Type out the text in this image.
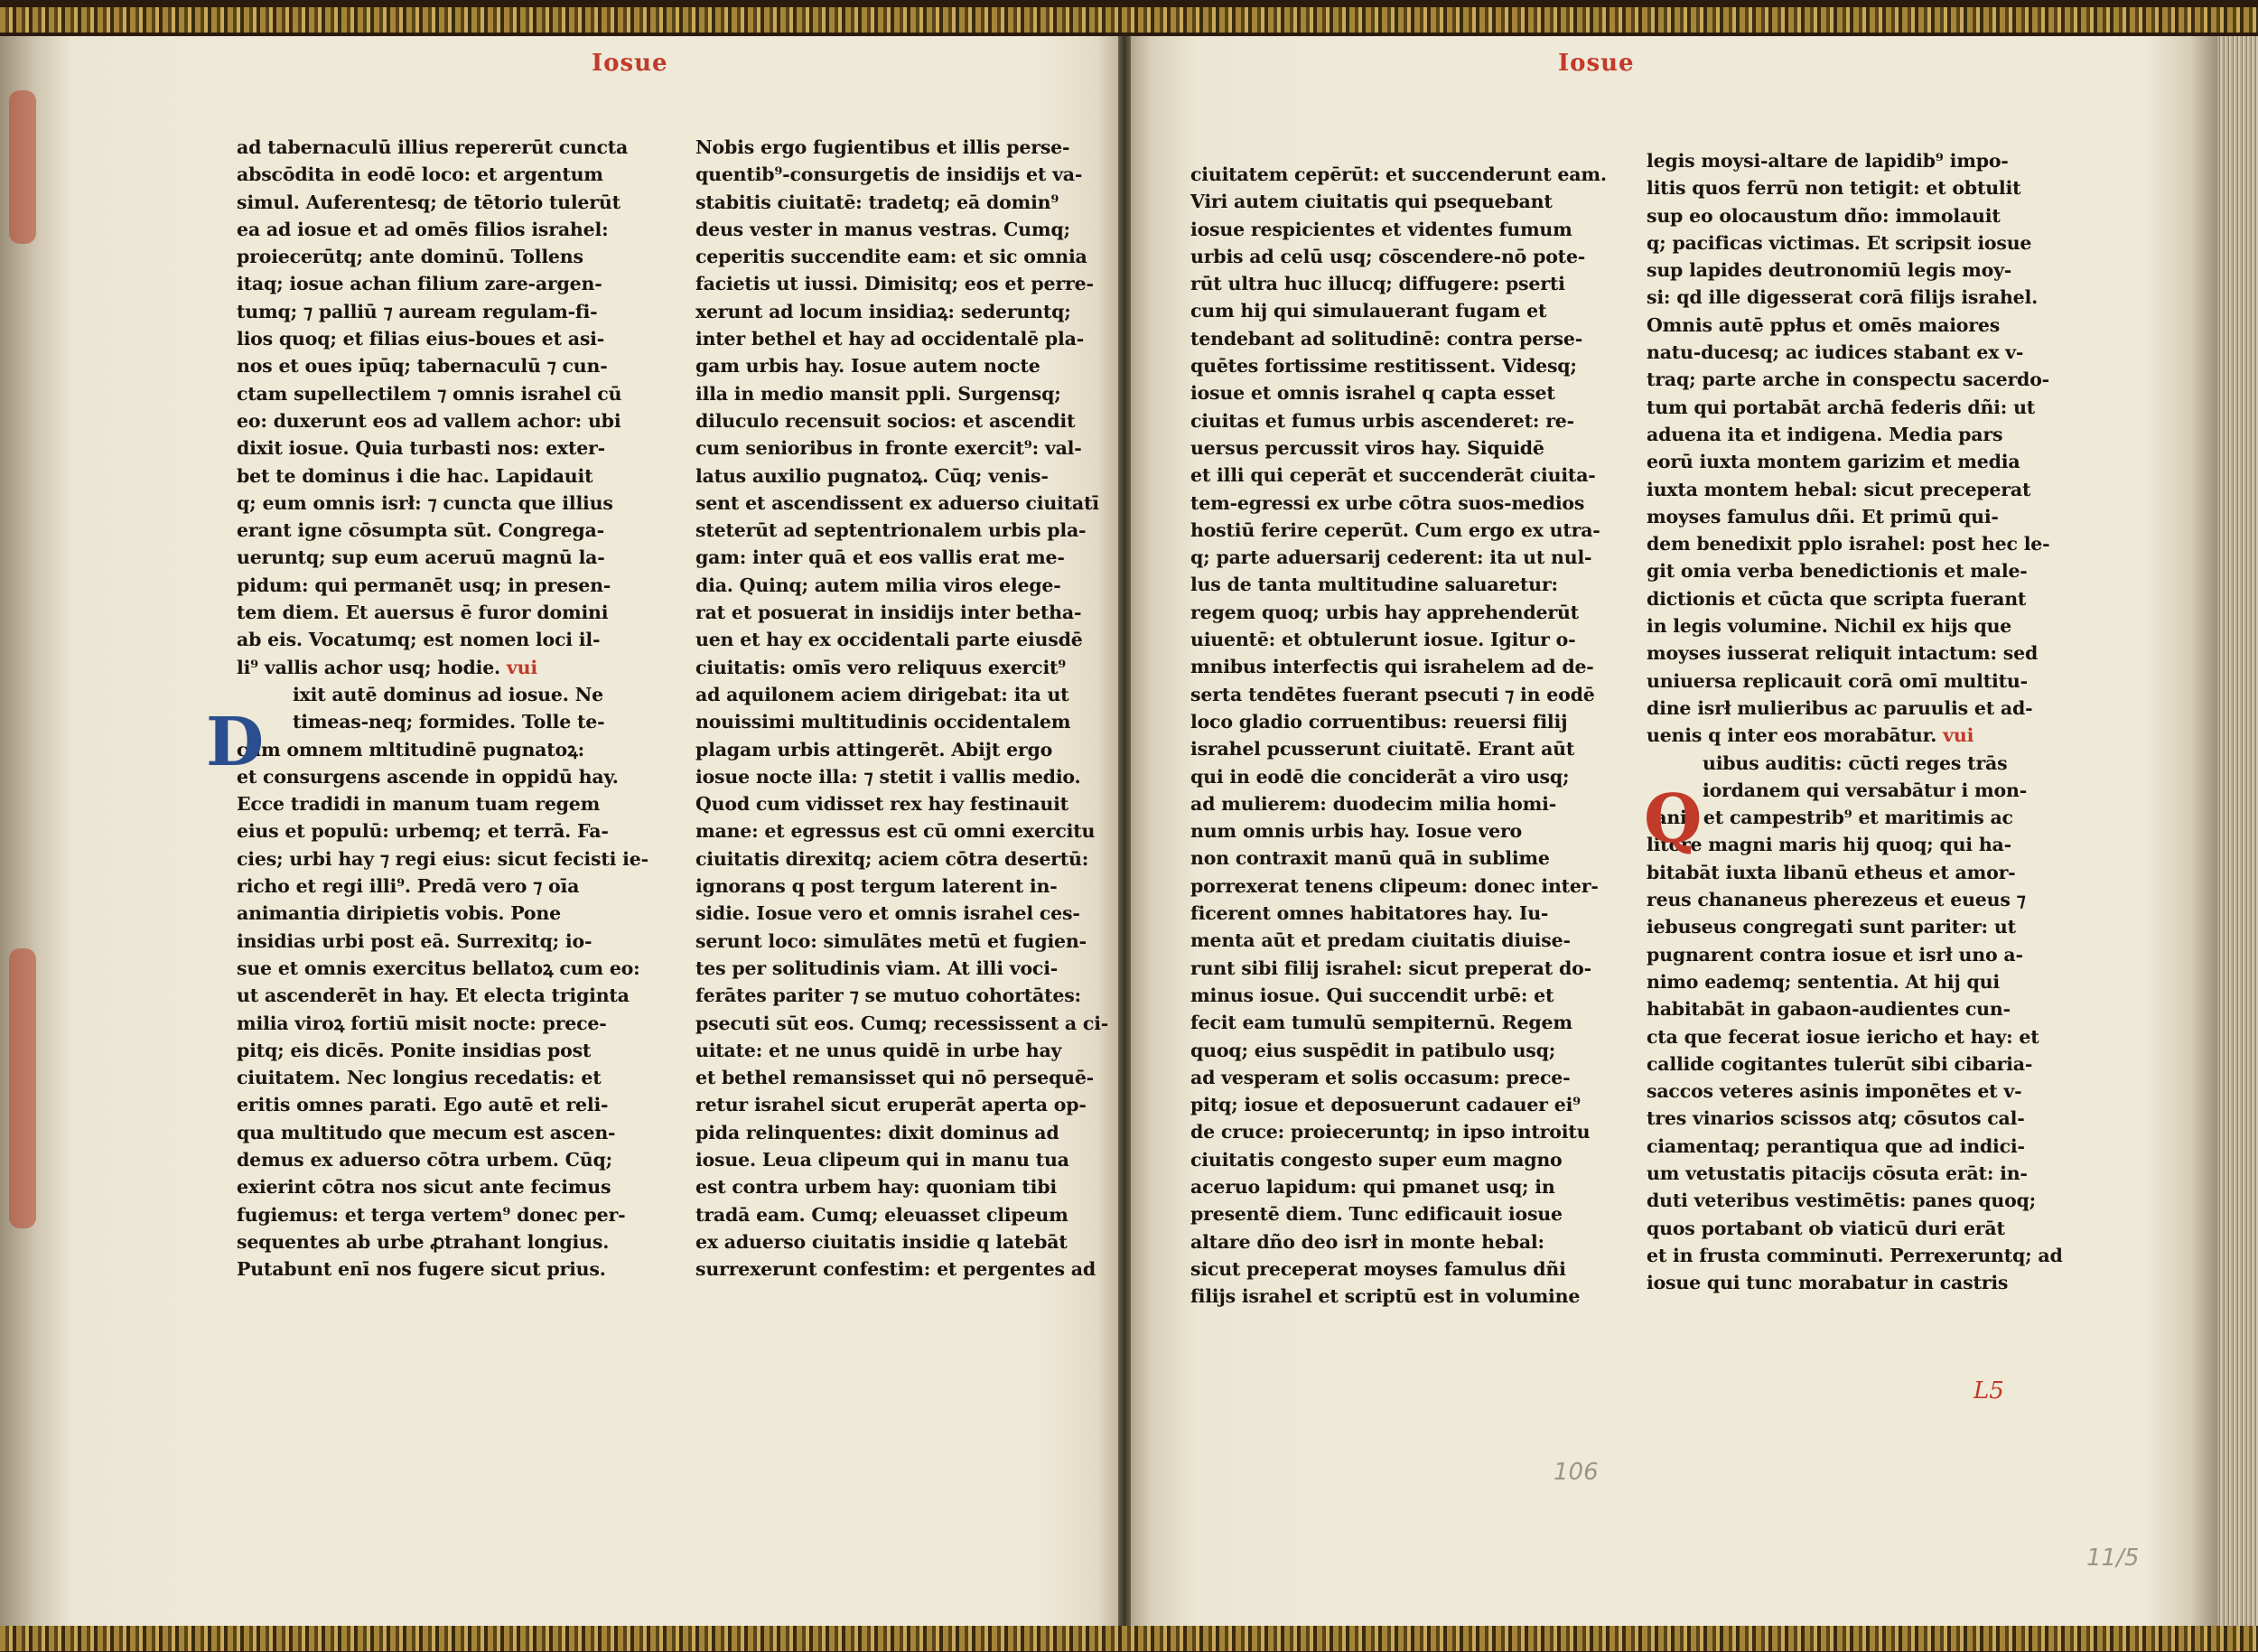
Iosue	Iosue
ad tabernaculū illius repererūt cuncta
abscōdita in eodē loco: et argentum
simul. Auferentesq; de tētorio tulerūt
ea ad iosue et ad omēs filios israhel:
proiecerūtq; ante dominū. Tollens
itaq; iosue achan filium zare-argen-
tumq; ⁊ palliū ⁊ auream regulam-fi-
lios quoq; et filias eius-boues et asi-
nos et oues ipūq; tabernaculū ⁊ cun-
ctam supellectilem ⁊ omnis israhel cū
eo: duxerunt eos ad vallem achor: ubi
dixit iosue. Quia turbasti nos: exter-
bet te dominus i die hac. Lapidauit
q; eum omnis isrł: ⁊ cuncta que illius
erant igne cōsumpta sūt. Congrega-
ueruntq; sup eum aceruū magnū la-
pidum: qui permanēt usq; in presen-
tem diem. Et auersus ē furor domini
ab eis. Vocatumq; est nomen loci il-
li⁹ vallis achor usq; hodie. vui
ixit autē dominus ad iosue. Ne
timeas-neq; formides. Tolle te-
cum omnem mltitudinē pugnatoꝝ:
et consurgens ascende in oppidū hay.
Ecce tradidi in manum tuam regem
eius et populū: urbemq; et terrā. Fa-
cies; urbi hay ⁊ regi eius: sicut fecisti ie-
richo et regi illi⁹. Predā vero ⁊ oīa
animantia diripietis vobis. Pone
insidias urbi post eā. Surrexitq; io-
sue et omnis exercitus bellatoꝝ cum eo:
ut ascenderēt in hay. Et electa triginta
milia viroꝝ fortiū misit nocte: prece-
pitq; eis dicēs. Ponite insidias post
ciuitatem. Nec longius recedatis: et
eritis omnes parati. Ego autē et reli-
qua multitudo que mecum est ascen-
demus ex aduerso cōtra urbem. Cūq;
exierint cōtra nos sicut ante fecimus
fugiemus: et terga vertem⁹ donec per-
sequentes ab urbe ꝓtrahant longius.
Putabunt enī nos fugere sicut prius.
Nobis ergo fugientibus et illis perse-
quentib⁹-consurgetis de insidijs et va-
stabitis ciuitatē: tradetq; eā domin⁹
deus vester in manus vestras. Cumq;
ceperitis succendite eam: et sic omnia
facietis ut iussi. Dimisitq; eos et perre-
xerunt ad locum insidiaꝝ: sederuntq;
inter bethel et hay ad occidentalē pla-
gam urbis hay. Iosue autem nocte
illa in medio mansit ppli. Surgensq;
diluculo recensuit socios: et ascendit
cum senioribus in fronte exercit⁹: val-
latus auxilio pugnatoꝝ. Cūq; venis-
sent et ascendissent ex aduerso ciuitatī
steterūt ad septentrionalem urbis pla-
gam: inter quā et eos vallis erat me-
dia. Quinq; autem milia viros elege-
rat et posuerat in insidijs inter betha-
uen et hay ex occidentali parte eiusdē
ciuitatis: omīs vero reliquus exercit⁹
ad aquilonem aciem dirigebat: ita ut
nouissimi multitudinis occidentalem
plagam urbis attingerēt. Abijt ergo
iosue nocte illa: ⁊ stetit i vallis medio.
Quod cum vidisset rex hay festinauit
mane: et egressus est cū omni exercitu
ciuitatis direxitq; aciem cōtra desertū:
ignorans q post tergum laterent in-
sidie. Iosue vero et omnis israhel ces-
serunt loco: simulātes metū et fugien-
tes per solitudinis viam. At illi voci-
ferātes pariter ⁊ se mutuo cohortātes:
psecuti sūt eos. Cumq; recessissent a ci-
uitate: et ne unus quidē in urbe hay
et bethel remansisset qui nō persequē-
retur israhel sicut eruperāt aperta op-
pida relinquentes: dixit dominus ad
iosue. Leua clipeum qui in manu tua
est contra urbem hay: quoniam tibi
tradā eam. Cumq; eleuasset clipeum
ex aduerso ciuitatis insidie q latebāt
surrexerunt confestim: et pergentes ad
ciuitatem cepērūt: et succenderunt eam.
Viri autem ciuitatis qui psequebant
iosue respicientes et videntes fumum
urbis ad celū usq; cōscendere-nō pote-
rūt ultra huc illucq; diffugere: pserti
cum hij qui simulauerant fugam et
tendebant ad solitudinē: contra perse-
quētes fortissime restitissent. Videsq;
iosue et omnis israhel q capta esset
ciuitas et fumus urbis ascenderet: re-
uersus percussit viros hay. Siquidē
et illi qui ceperāt et succenderāt ciuita-
tem-egressi ex urbe cōtra suos-medios
hostiū ferire ceperūt. Cum ergo ex utra-
q; parte aduersarij cederent: ita ut nul-
lus de tanta multitudine saluaretur:
regem quoq; urbis hay apprehenderūt
uiuentē: et obtulerunt iosue. Igitur o-
mnibus interfectis qui israhelem ad de-
serta tendētes fuerant psecuti ⁊ in eodē
loco gladio corruentibus: reuersi filij
israhel pcusserunt ciuitatē. Erant aūt
qui in eodē die conciderāt a viro usq;
ad mulierem: duodecim milia homi-
num omnis urbis hay. Iosue vero
non contraxit manū quā in sublime
porrexerat tenens clipeum: donec inter-
ficerent omnes habitatores hay. Iu-
menta aūt et predam ciuitatis diuise-
runt sibi filij israhel: sicut preperat do-
minus iosue. Qui succendit urbē: et
fecit eam tumulū sempiternū. Regem
quoq; eius suspēdit in patibulo usq;
ad vesperam et solis occasum: prece-
pitq; iosue et deposuerunt cadauer ei⁹
de cruce: proieceruntq; in ipso introitu
ciuitatis congesto super eum magno
aceruo lapidum: qui pmanet usq; in
presentē diem. Tunc edificauit iosue
altare dño deo isrł in monte hebal:
sicut preceperat moyses famulus dñi
filijs israhel et scriptū est in volumine
legis moysi-altare de lapidib⁹ impo-
litis quos ferrū non tetigit: et obtulit
sup eo olocaustum dño: immolauit
q; pacificas victimas. Et scripsit iosue
sup lapides deutronomiū legis moy-
si: qd ille digesserat corā filijs israhel.
Omnis autē ppłus et omēs maiores
natu-ducesq; ac iudices stabant ex v-
traq; parte arche in conspectu sacerdo-
tum qui portabāt archā federis dñi: ut
aduena ita et indigena. Media pars
eorū iuxta montem garizim et media
iuxta montem hebal: sicut preceperat
moyses famulus dñi. Et primū qui-
dem benedixit pplo israhel: post hec le-
git omia verba benedictionis et male-
dictionis et cūcta que scripta fuerant
in legis volumine. Nichil ex hijs que
moyses iusserat reliquit intactum: sed
uniuersa replicauit corā omī multitu-
dine isrł mulieribus ac paruulis et ad-
uenis q inter eos morabātur. vui
uibus auditis: cūcti reges trās
iordanem qui versabātur i mon-
tanis et campestrib⁹ et maritimis ac
litore magni maris hij quoq; qui ha-
bitabāt iuxta libanū etheus et amor-
reus chananeus pherezeus et eueus ⁊
iebuseus congregati sunt pariter: ut
pugnarent contra iosue et isrł uno a-
nimo eademq; sententia. At hij qui
habitabāt in gabaon-audientes cun-
cta que fecerat iosue iericho et hay: et
callide cogitantes tulerūt sibi cibaria-
saccos veteres asinis imponētes et v-
tres vinarios scissos atq; cōsutos cal-
ciamentaq; perantiqua que ad indici-
um vetustatis pitacijs cōsuta erāt: in-
duti veteribus vestimētis: panes quoq;
quos portabant ob viaticū duri erāt
et in frusta comminuti. Perrexeruntq; ad
iosue qui tunc morabatur in castris
D
Q
L5
106
11/5
